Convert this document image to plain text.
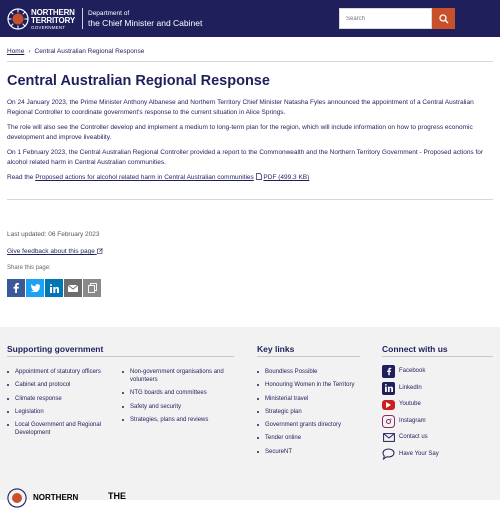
NORTHERN
TERRITORY
GOVERNMENT
Department of
the Chief Minister and Cabinet
Search
Home › Central Australian Regional Response
Central Australian Regional Response

On 24 January 2023, the Prime Minister Anthony Albanese and Northern Territory Chief Minister Natasha Fyles announced the appointment of a Central Australian Regional Controller to coordinate government's response to the current situation in Alice Springs.

The role will also see the Controller develop and implement a medium to long-term plan for the region, which will include information on how to progress economic development and improve liveability.

On 1 February 2023, the Central Australian Regional Controller provided a report to the Commonwealth and the Northern Territory Government - Proposed actions for alcohol related harm in Central Australian communities.

Read the Proposed actions for alcohol related harm in Central Australian communities PDF (499.3 KB)

Last updated: 06 February 2023
Give feedback about this page
Share this page:
Supporting government
Appointment of statutory officers
Cabinet and protocol
Climate response
Legislation
Local Government and Regional Development
Non-government organisations and volunteers
NTG boards and committees
Safety and security
Strategies, plans and reviews
Key links
Boundless Possible
Honouring Women in the Territory
Ministerial travel
Strategic plan
Government grants directory
Tender online
SecureNT
Connect with us
Facebook
LinkedIn
Youtube
Instagram
Contact us
Have Your Say
NORTHERN	THE
